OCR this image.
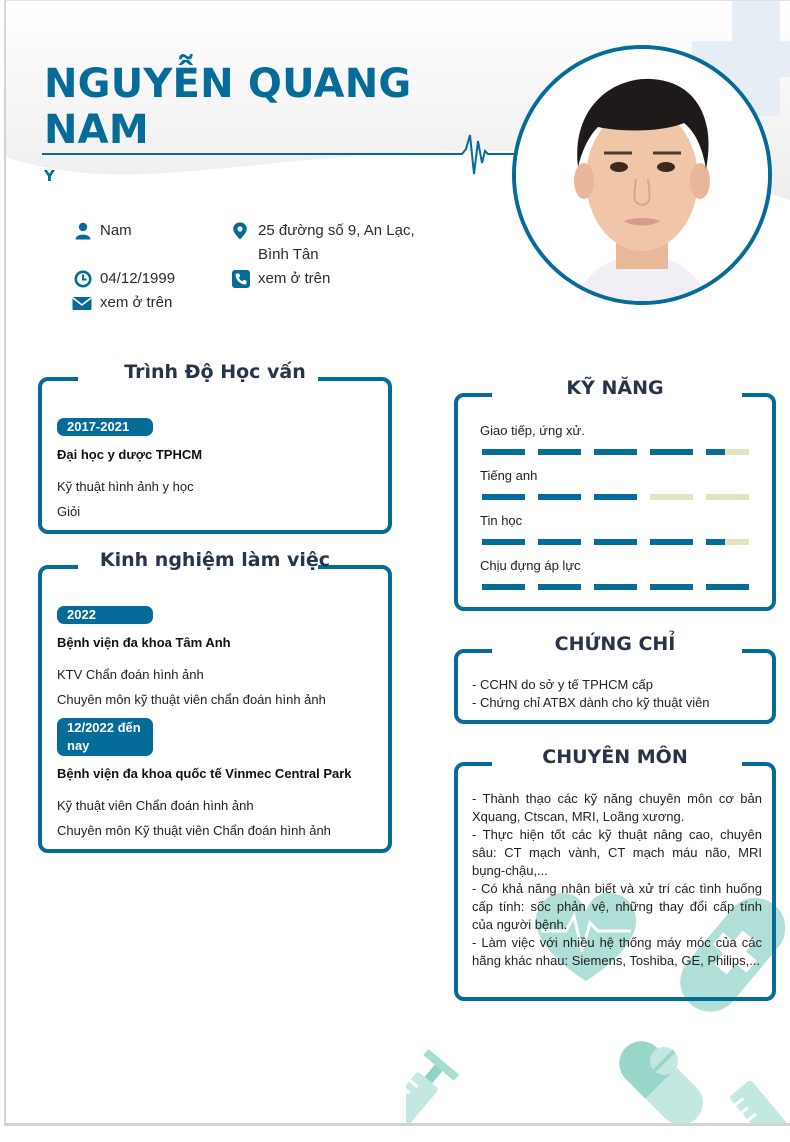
NGUYỄN QUANG
NAM
Y
Nam
04/12/1999
xem ở trên
25 đường số 9, An Lạc,
Bình Tân
xem ở trên
Trình Độ Học vấn
2017-2021
Đại học y dược TPHCM
Kỹ thuật hình ảnh y học
Giỏi
Kinh nghiệm làm việc
2022
Bệnh viện đa khoa Tâm Anh
KTV Chẩn đoán hình ảnh
Chuyên môn kỹ thuật viên chẩn đoán hình ảnh
12/2022 đến
nay
Bệnh viện đa khoa quốc tế Vinmec Central Park
Kỹ thuật viên Chẩn đoán hình ảnh
Chuyên môn Kỹ thuật viên Chẩn đoán hình ảnh
KỸ NĂNG
Giao tiếp, ứng xử.
Tiếng anh
Tin học
Chịu đựng áp lực
CHỨNG CHỈ
- CCHN do sở y tế TPHCM cấp
- Chứng chỉ ATBX dành cho kỹ thuật viên
CHUYÊN MÔN
- Thành thạo các kỹ năng chuyên môn cơ bản Xquang, Ctscan, MRI, Loãng xương.
- Thực hiện tốt các kỹ thuật nâng cao, chuyên sâu: CT mạch vành, CT mạch máu não, MRI bụng-chậu,...
- Có khả năng nhận biết và xử trí các tình huống cấp tính: sốc phản vệ, những thay đổi cấp tính của người bệnh.
- Làm việc với nhiều hệ thống máy móc của các hãng khác nhau: Siemens, Toshiba, GE, Philips,...
